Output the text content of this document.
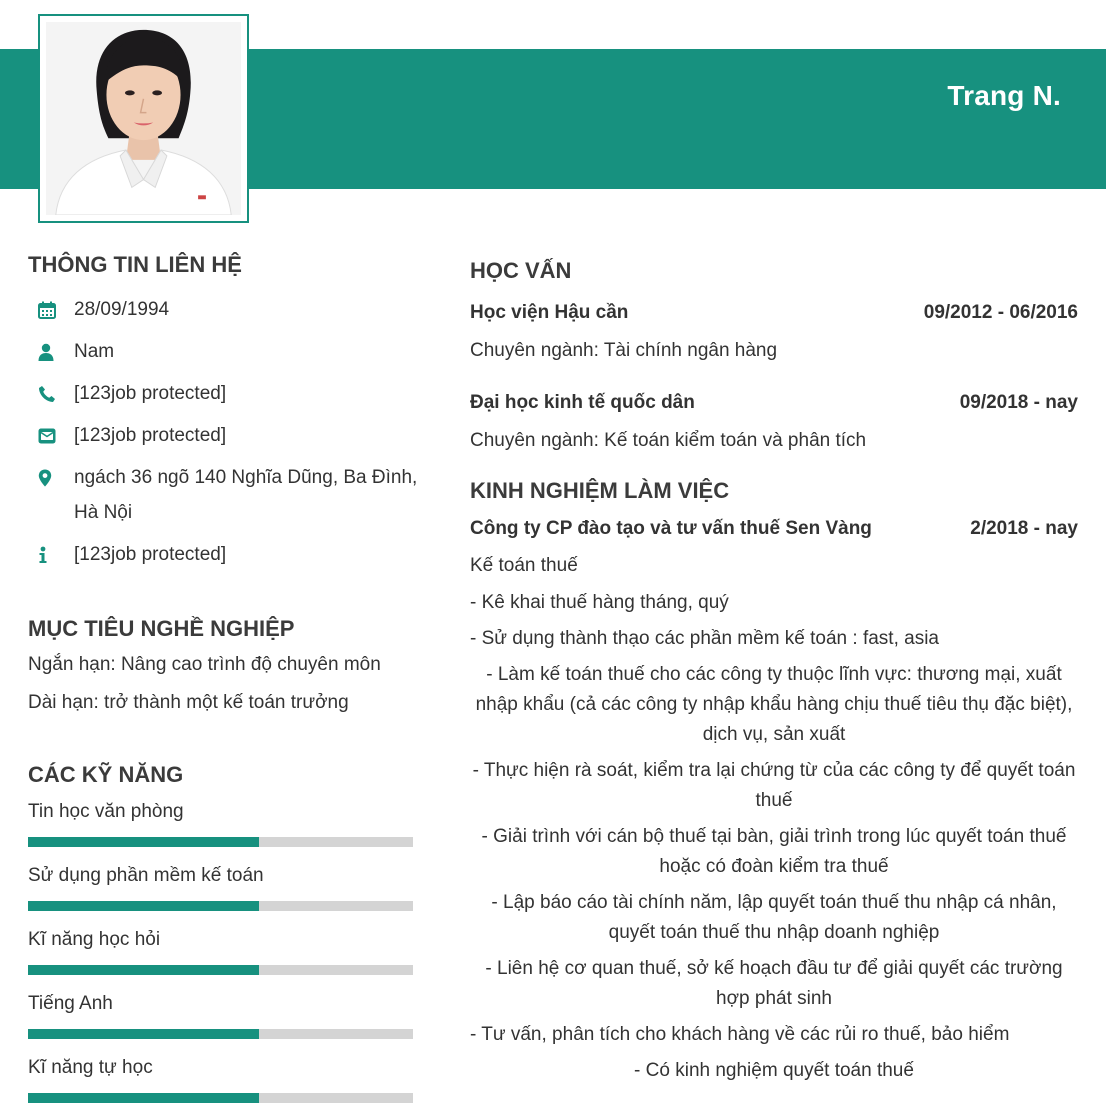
Trang N.
THÔNG TIN LIÊN HỆ
28/09/1994
Nam
[123job protected]
[123job protected]
ngách 36 ngõ 140 Nghĩa Dũng, Ba Đình, Hà Nội
[123job protected]
MỤC TIÊU NGHỀ NGHIỆP
Ngắn hạn: Nâng cao trình độ chuyên môn
Dài hạn: trở thành một kế toán trưởng
CÁC KỸ NĂNG
Tin học văn phòng
Sử dụng phần mềm kế toán
Kĩ năng học hỏi
Tiếng Anh
Kĩ năng tự học
HỌC VẤN
Học viện Hậu cần	09/2012 - 06/2016
Chuyên ngành: Tài chính ngân hàng
Đại học kinh tế quốc dân	09/2018 - nay
Chuyên ngành: Kế toán kiểm toán và phân tích
KINH NGHIỆM LÀM VIỆC
Công ty CP đào tạo và tư vấn thuế Sen Vàng	2/2018 - nay
Kế toán thuế
- Kê khai thuế hàng tháng, quý
- Sử dụng thành thạo các phần mềm kế toán : fast, asia
- Làm kế toán thuế cho các công ty thuộc lĩnh vực: thương mại, xuất nhập khẩu (cả các công ty nhập khẩu hàng chịu thuế tiêu thụ đặc biệt), dịch vụ, sản xuất
- Thực hiện rà soát, kiểm tra lại chứng từ của các công ty để quyết toán thuế
- Giải trình với cán bộ thuế tại bàn, giải trình trong lúc quyết toán thuế hoặc có đoàn kiểm tra thuế
- Lập báo cáo tài chính năm, lập quyết toán thuế thu nhập cá nhân, quyết toán thuế thu nhập doanh nghiệp
- Liên hệ cơ quan thuế, sở kế hoạch đầu tư để giải quyết các trường hợp phát sinh
- Tư vấn, phân tích cho khách hàng về các rủi ro thuế, bảo hiểm
- Có kinh nghiệm quyết toán thuế
